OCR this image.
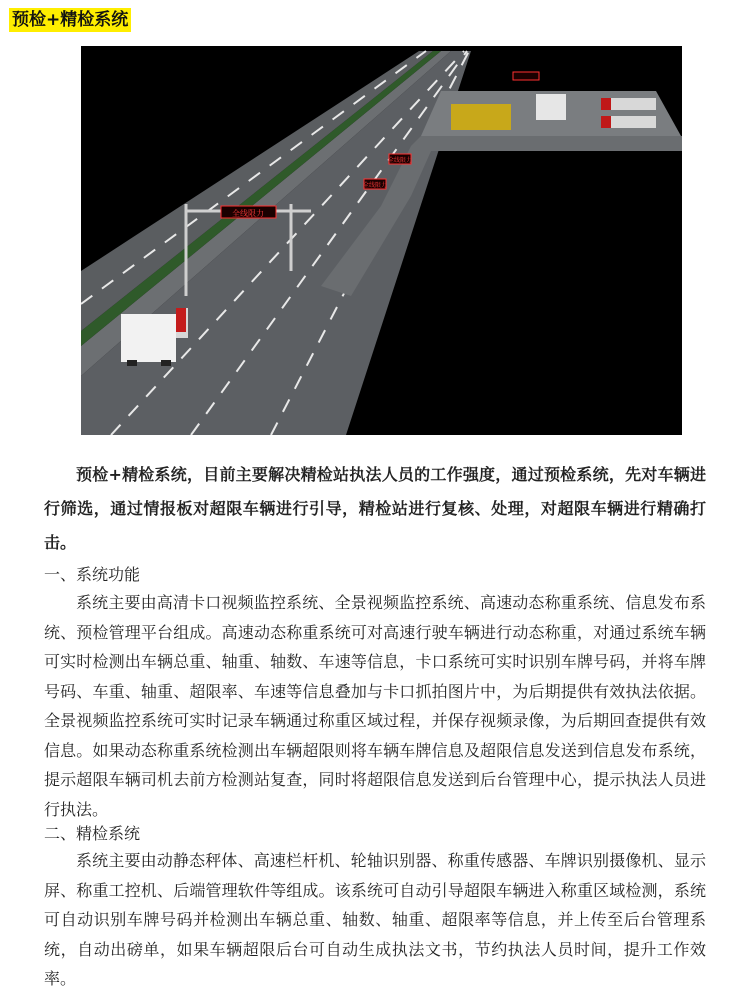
预检+精检系统
全线限力
全线限力
全线限力

预检+精检系统，目前主要解决精检站执法人员的工作强度，通过预检系统，先对车辆进行筛选，通过情报板对超限车辆进行引导，精检站进行复核、处理，对超限车辆进行精确打击。

一、系统功能

系统主要由高清卡口视频监控系统、全景视频监控系统、高速动态称重系统、信息发布系统、预检管理平台组成。高速动态称重系统可对高速行驶车辆进行动态称重，对通过系统车辆可实时检测出车辆总重、轴重、轴数、车速等信息，卡口系统可实时识别车牌号码，并将车牌号码、车重、轴重、超限率、车速等信息叠加与卡口抓拍图片中，为后期提供有效执法依据。全景视频监控系统可实时记录车辆通过称重区域过程，并保存视频录像，为后期回查提供有效信息。如果动态称重系统检测出车辆超限则将车辆车牌信息及超限信息发送到信息发布系统，提示超限车辆司机去前方检测站复查，同时将超限信息发送到后台管理中心，提示执法人员进行执法。

二、精检系统

系统主要由动静态秤体、高速栏杆机、轮轴识别器、称重传感器、车牌识别摄像机、显示屏、称重工控机、后端管理软件等组成。该系统可自动引导超限车辆进入称重区域检测，系统可自动识别车牌号码并检测出车辆总重、轴数、轴重、超限率等信息，并上传至后台管理系统，自动出磅单，如果车辆超限后台可自动生成执法文书，节约执法人员时间，提升工作效率。
